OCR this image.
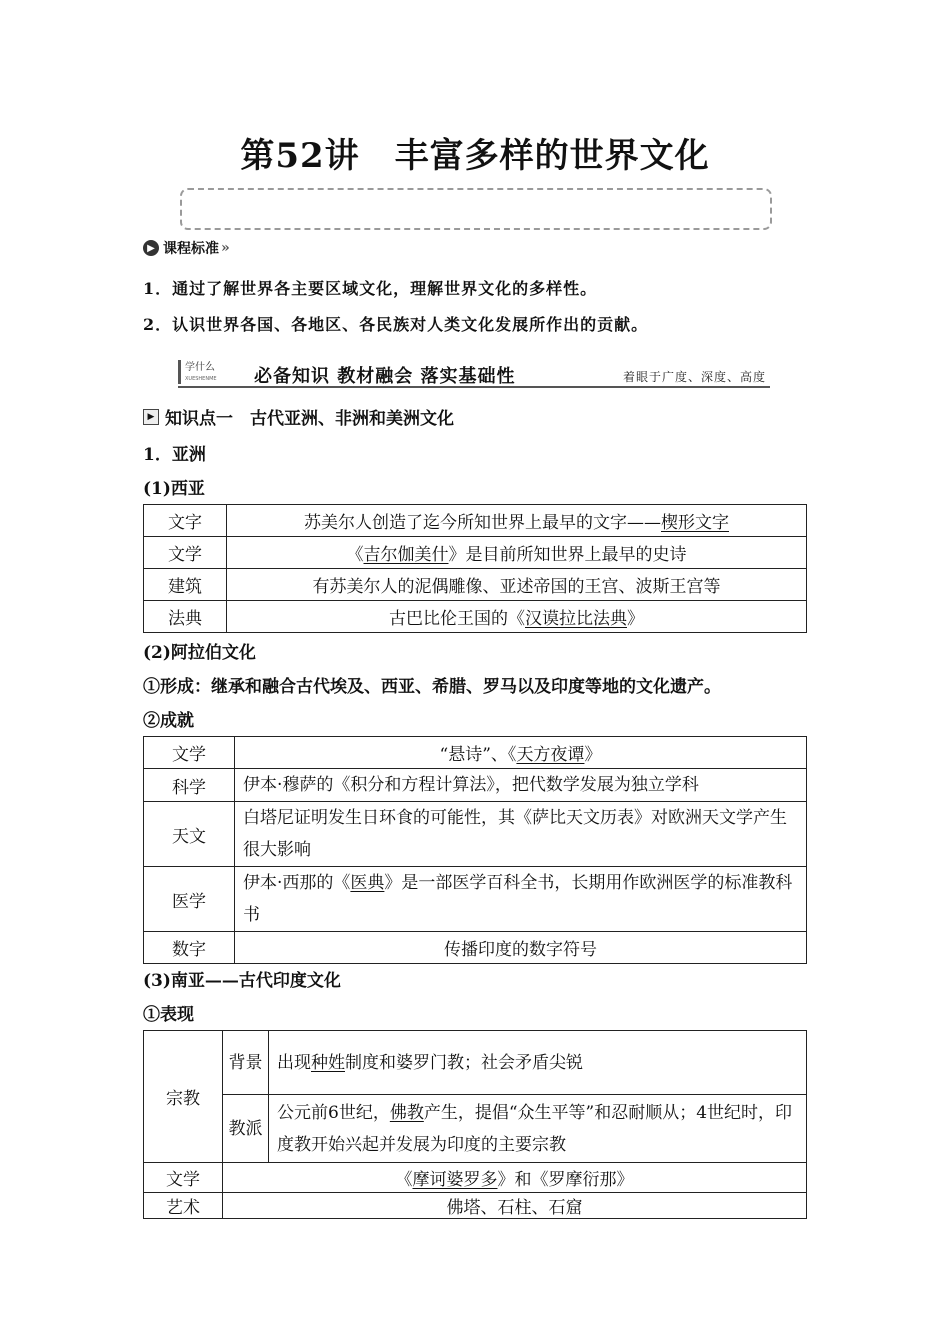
第52讲　丰富多样的世界文化
▶ 课程标准 »
1．通过了解世界各主要区域文化，理解世界文化的多样性。
2．认识世界各国、各地区、各民族对人类文化发展所作出的贡献。
学什么
XUESHENME	必备知识 教材融会 落实基础性	着眼于广度、深度、高度
▶ 知识点一　古代亚洲、非洲和美洲文化
1．亚洲
(1)西亚
文字	苏美尔人创造了迄今所知世界上最早的文字——楔形文字
文学	《吉尔伽美什》是目前所知世界上最早的史诗
建筑	有苏美尔人的泥偶雕像、亚述帝国的王宫、波斯王宫等
法典	古巴比伦王国的《汉谟拉比法典》
(2)阿拉伯文化
①形成：继承和融合古代埃及、西亚、希腊、罗马以及印度等地的文化遗产。
②成就
文学	“悬诗”、《天方夜谭》
科学	伊本·穆萨的《积分和方程计算法》，把代数学发展为独立学科
天文	白塔尼证明发生日环食的可能性，其《萨比天文历表》对欧洲天文学产生很大影响
医学	伊本·西那的《医典》是一部医学百科全书，长期用作欧洲医学的标准教科书
数字	传播印度的数字符号
(3)南亚——古代印度文化
①表现
宗教	背景	出现种姓制度和婆罗门教；社会矛盾尖锐
	教派	公元前6世纪，佛教产生，提倡“众生平等”和忍耐顺从；4世纪时，印度教开始兴起并发展为印度的主要宗教
文学	《摩诃婆罗多》和《罗摩衍那》	
艺术	佛塔、石柱、石窟	
